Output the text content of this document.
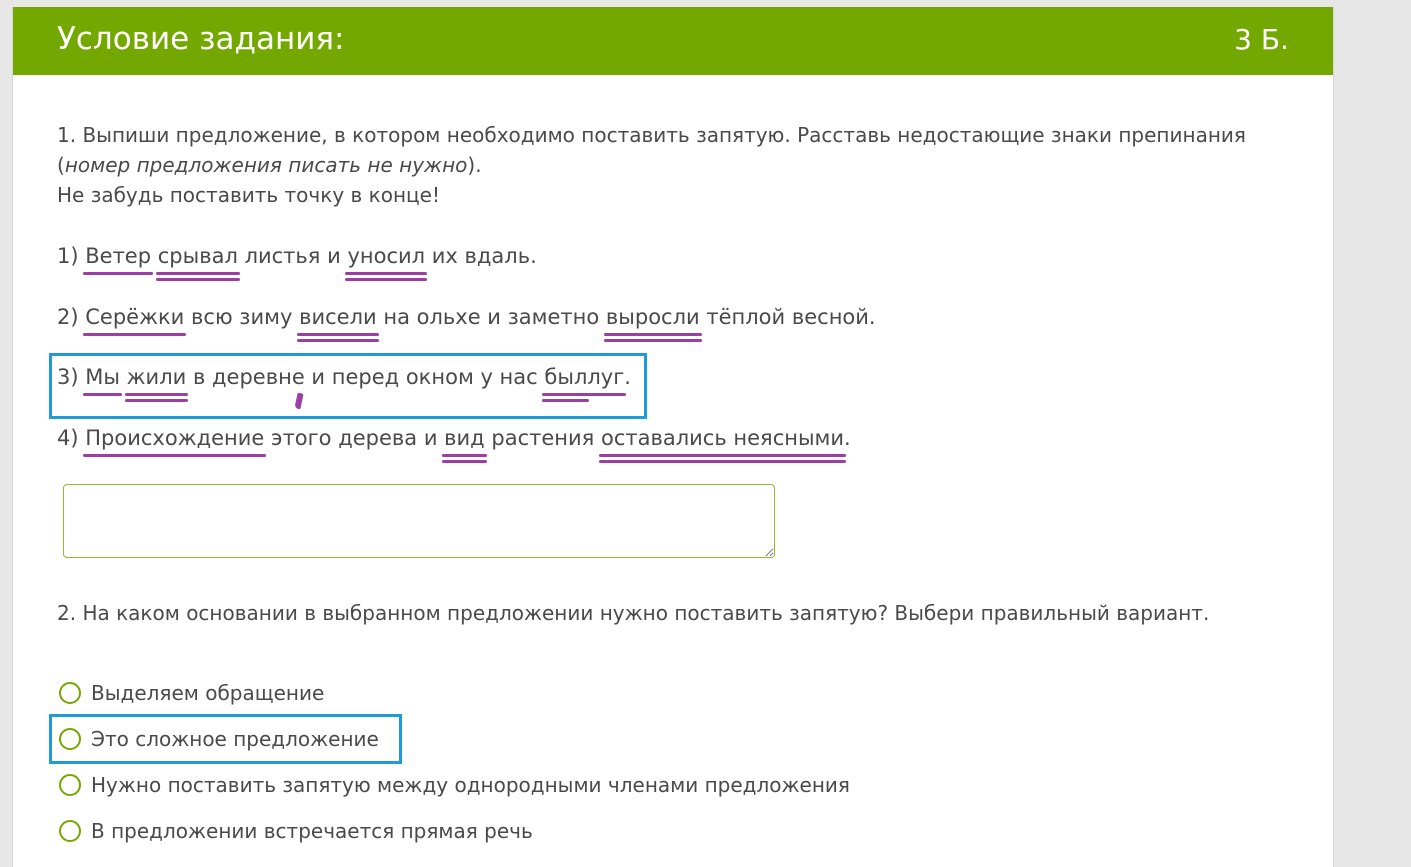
Условие задания:	3 Б.
1. Выпиши предложение, в котором необходимо поставить запятую. Расставь недостающие знаки препинания
(номер предложения писать не нужно).
Не забудь поставить точку в конце!
1) Ветер срывал листья и уносил их вдаль.
2) Серёжки всю зиму висели на ольхе и заметно выросли тёплой весной.
3) Мы жили в деревне и перед окном у нас быллуг.
4) Происхождение этого дерева и вид растения оставались неясными.
2. На каком основании в выбранном предложении нужно поставить запятую? Выбери правильный вариант.
Выделяем обращение
Это сложное предложение
Нужно поставить запятую между однородными членами предложения
В предложении встречается прямая речь
